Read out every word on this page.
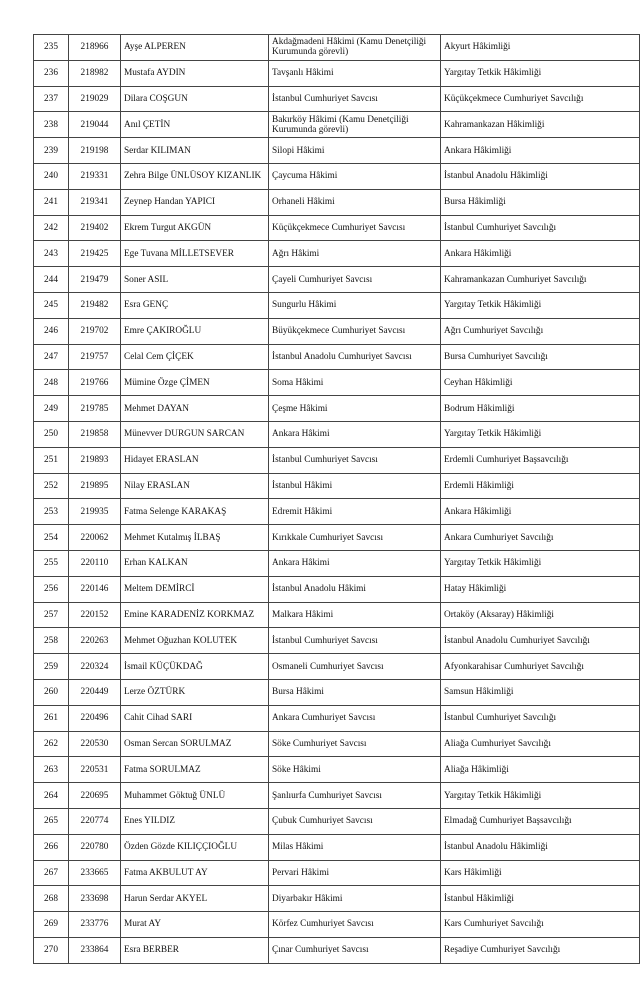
235	218966	Ayşe ALPEREN	Akdağmadeni Hâkimi (Kamu Denetçiliği Kurumunda görevli)	Akyurt Hâkimliği
236	218982	Mustafa AYDIN	Tavşanlı Hâkimi	Yargıtay Tetkik Hâkimliği
237	219029	Dilara COŞGUN	İstanbul Cumhuriyet Savcısı	Küçükçekmece Cumhuriyet Savcılığı
238	219044	Anıl ÇETİN	Bakırköy Hâkimi (Kamu Denetçiliği Kurumunda görevli)	Kahramankazan Hâkimliği
239	219198	Serdar KILIMAN	Silopi Hâkimi	Ankara Hâkimliği
240	219331	Zehra Bilge ÜNLÜSOY KIZANLIK	Çaycuma Hâkimi	İstanbul Anadolu Hâkimliği
241	219341	Zeynep Handan YAPICI	Orhaneli Hâkimi	Bursa Hâkimliği
242	219402	Ekrem Turgut AKGÜN	Küçükçekmece Cumhuriyet Savcısı	İstanbul Cumhuriyet Savcılığı
243	219425	Ege Tuvana MİLLETSEVER	Ağrı Hâkimi	Ankara Hâkimliği
244	219479	Soner ASIL	Çayeli Cumhuriyet Savcısı	Kahramankazan Cumhuriyet Savcılığı
245	219482	Esra GENÇ	Sungurlu Hâkimi	Yargıtay Tetkik Hâkimliği
246	219702	Emre ÇAKIROĞLU	Büyükçekmece Cumhuriyet Savcısı	Ağrı Cumhuriyet Savcılığı
247	219757	Celal Cem ÇİÇEK	İstanbul Anadolu Cumhuriyet Savcısı	Bursa Cumhuriyet Savcılığı
248	219766	Mümine Özge ÇİMEN	Soma Hâkimi	Ceyhan Hâkimliği
249	219785	Mehmet DAYAN	Çeşme Hâkimi	Bodrum Hâkimliği
250	219858	Münevver DURGUN SARCAN	Ankara Hâkimi	Yargıtay Tetkik Hâkimliği
251	219893	Hidayet ERASLAN	İstanbul Cumhuriyet Savcısı	Erdemli Cumhuriyet Başsavcılığı
252	219895	Nilay ERASLAN	İstanbul Hâkimi	Erdemli Hâkimliği
253	219935	Fatma Selenge KARAKAŞ	Edremit Hâkimi	Ankara Hâkimliği
254	220062	Mehmet Kutalmış İLBAŞ	Kırıkkale Cumhuriyet Savcısı	Ankara Cumhuriyet Savcılığı
255	220110	Erhan KALKAN	Ankara Hâkimi	Yargıtay Tetkik Hâkimliği
256	220146	Meltem DEMİRCİ	İstanbul Anadolu Hâkimi	Hatay Hâkimliği
257	220152	Emine KARADENİZ KORKMAZ	Malkara Hâkimi	Ortaköy (Aksaray) Hâkimliği
258	220263	Mehmet Oğuzhan KOLUTEK	İstanbul Cumhuriyet Savcısı	İstanbul Anadolu Cumhuriyet Savcılığı
259	220324	İsmail KÜÇÜKDAĞ	Osmaneli Cumhuriyet Savcısı	Afyonkarahisar Cumhuriyet Savcılığı
260	220449	Lerze ÖZTÜRK	Bursa Hâkimi	Samsun Hâkimliği
261	220496	Cahit Cihad SARI	Ankara Cumhuriyet Savcısı	İstanbul Cumhuriyet Savcılığı
262	220530	Osman Sercan SORULMAZ	Söke Cumhuriyet Savcısı	Aliağa Cumhuriyet Savcılığı
263	220531	Fatma SORULMAZ	Söke Hâkimi	Aliağa Hâkimliği
264	220695	Muhammet Göktuğ ÜNLÜ	Şanlıurfa Cumhuriyet Savcısı	Yargıtay Tetkik Hâkimliği
265	220774	Enes YILDIZ	Çubuk Cumhuriyet Savcısı	Elmadağ Cumhuriyet Başsavcılığı
266	220780	Özden Gözde KILIÇÇIOĞLU	Milas Hâkimi	İstanbul Anadolu Hâkimliği
267	233665	Fatma AKBULUT AY	Pervari Hâkimi	Kars Hâkimliği
268	233698	Harun Serdar AKYEL	Diyarbakır Hâkimi	İstanbul Hâkimliği
269	233776	Murat AY	Körfez Cumhuriyet Savcısı	Kars Cumhuriyet Savcılığı
270	233864	Esra BERBER	Çınar Cumhuriyet Savcısı	Reşadiye Cumhuriyet Savcılığı
